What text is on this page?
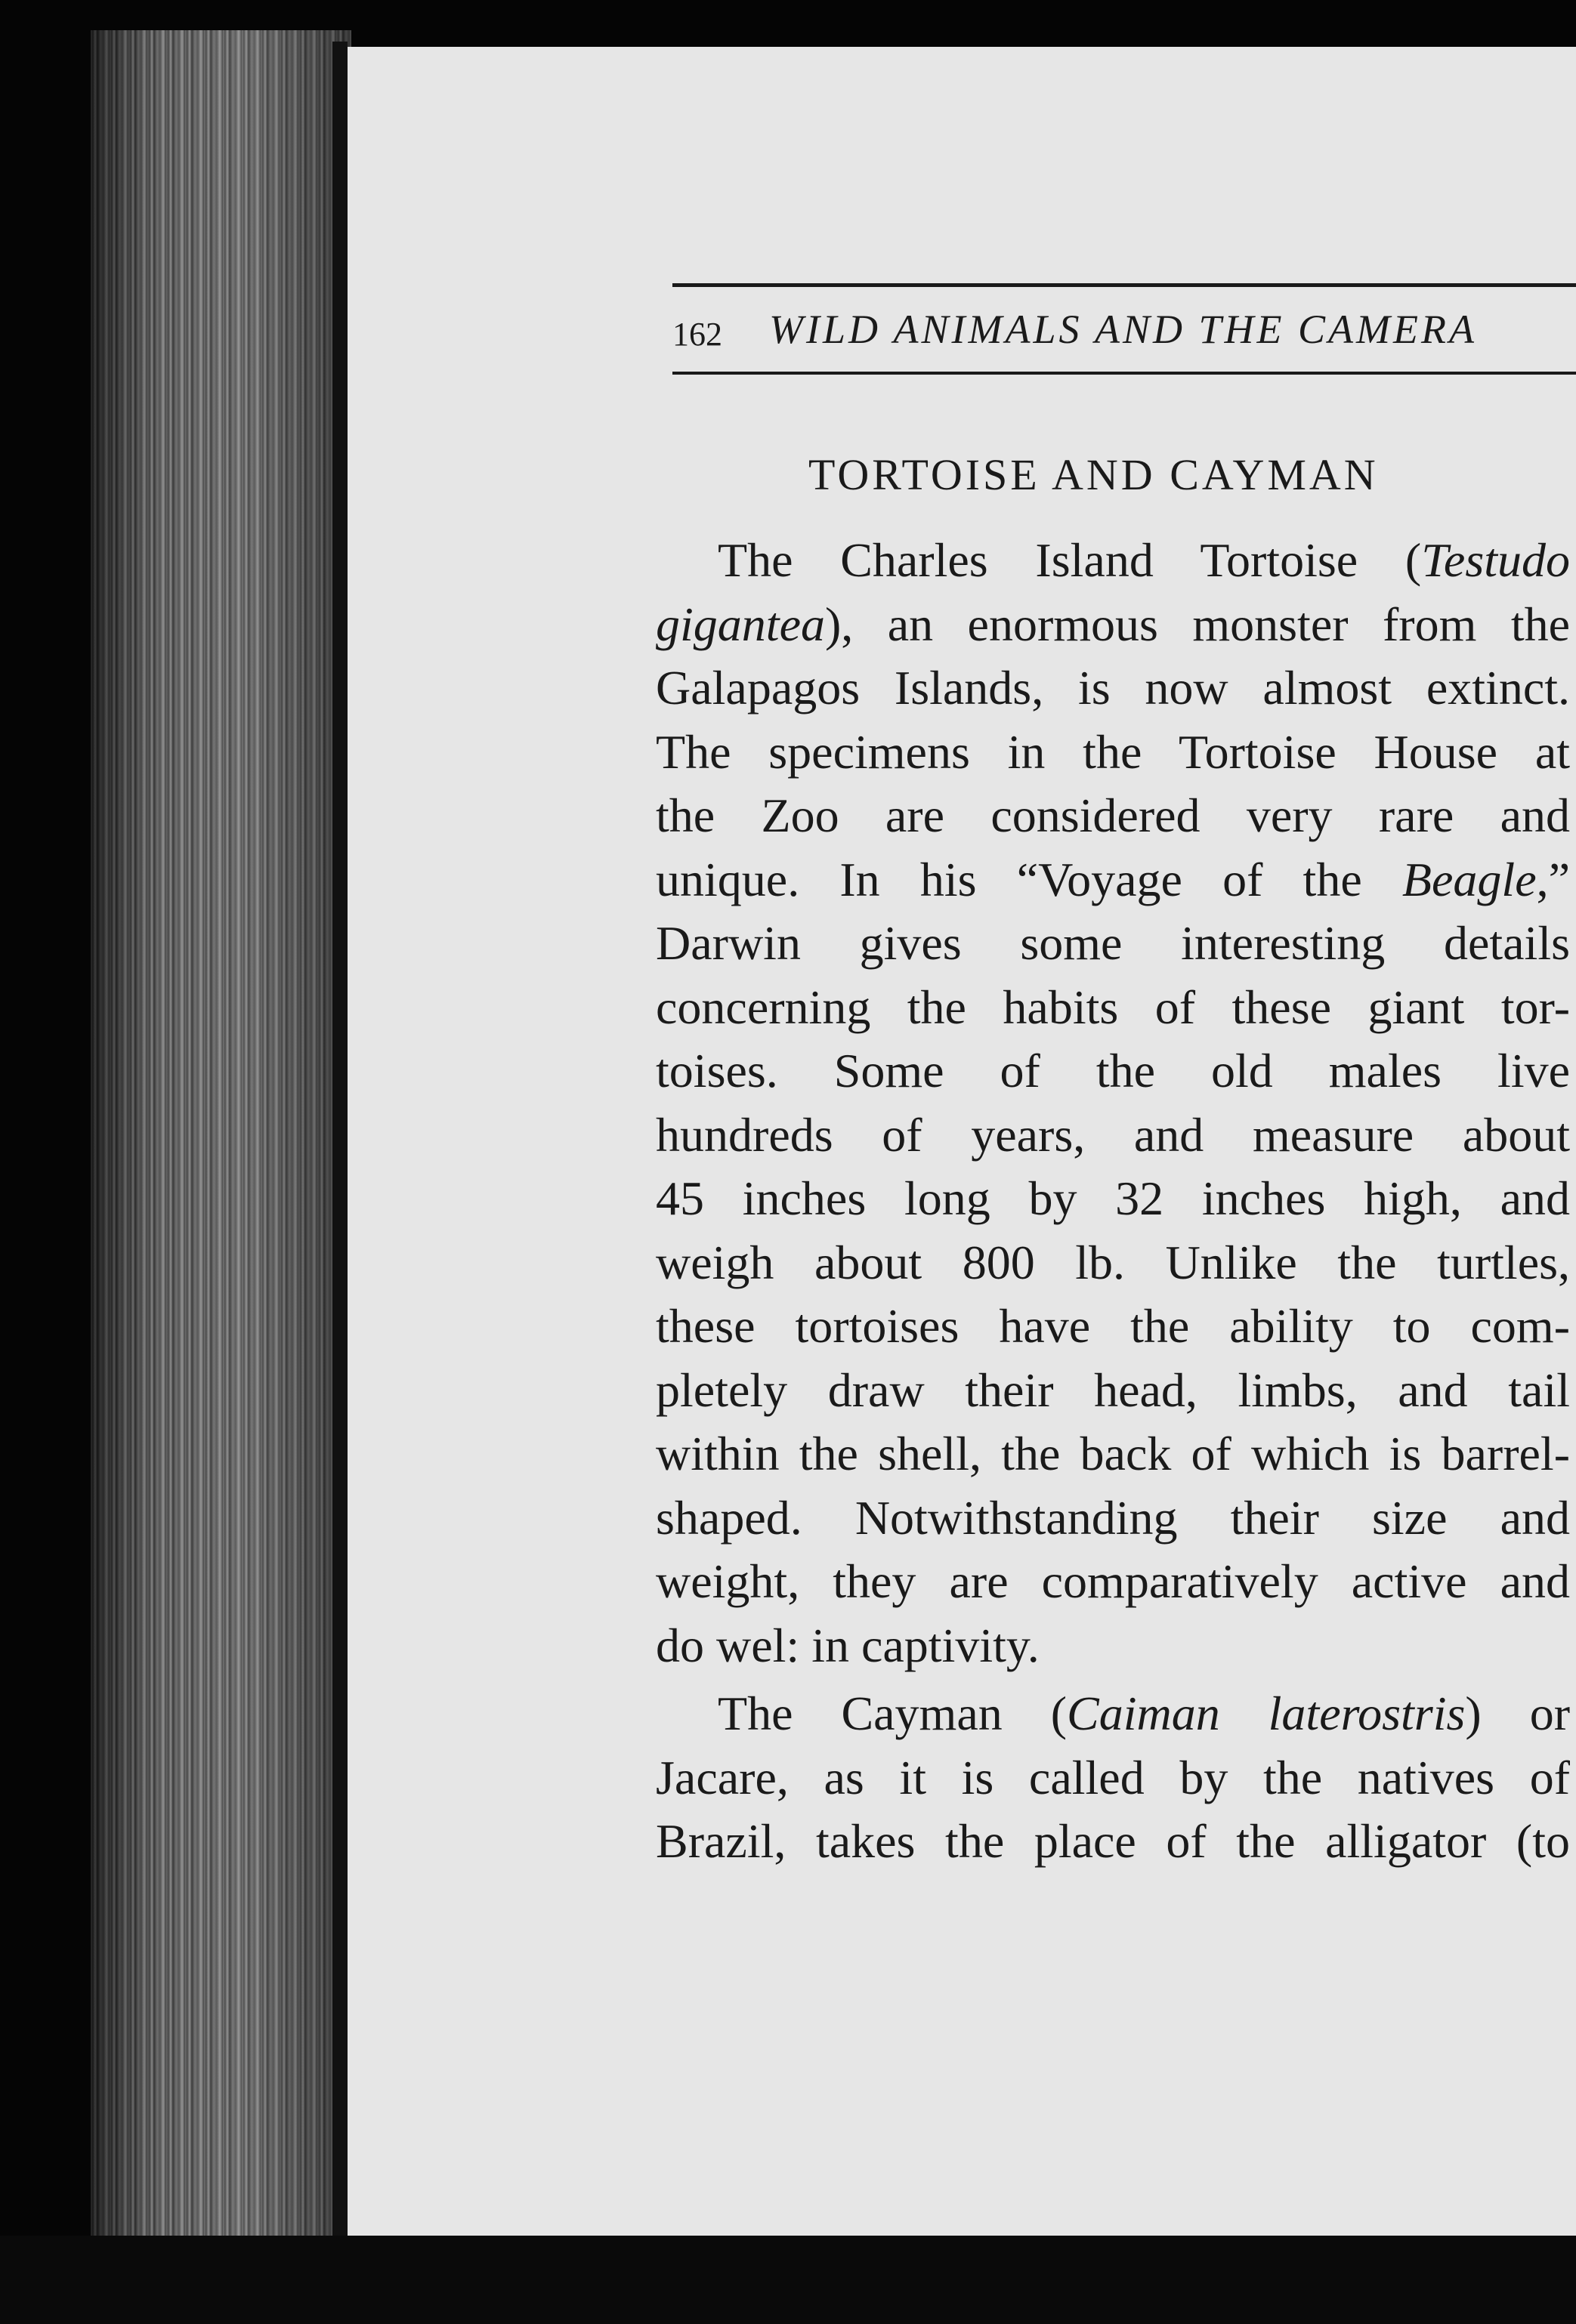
162 WILD ANIMALS AND THE CAMERA
TORTOISE AND CAYMAN
The Charles Island Tortoise (Testudo
gigantea), an enormous monster from the
Galapagos Islands, is now almost extinct.
The specimens in the Tortoise House at
the Zoo are considered very rare and
unique. In his “Voyage of the Beagle,”
Darwin gives some interesting details
concerning the habits of these giant tor-
toises. Some of the old males live
hundreds of years, and measure about
45 inches long by 32 inches high, and
weigh about 800 lb. Unlike the turtles,
these tortoises have the ability to com-
pletely draw their head, limbs, and tail
within the shell, the back of which is barrel-
shaped. Notwithstanding their size and
weight, they are comparatively active and
do wel: in captivity.
The Cayman (Caiman laterostris) or
Jacare, as it is called by the natives of
Brazil, takes the place of the alligator (to
